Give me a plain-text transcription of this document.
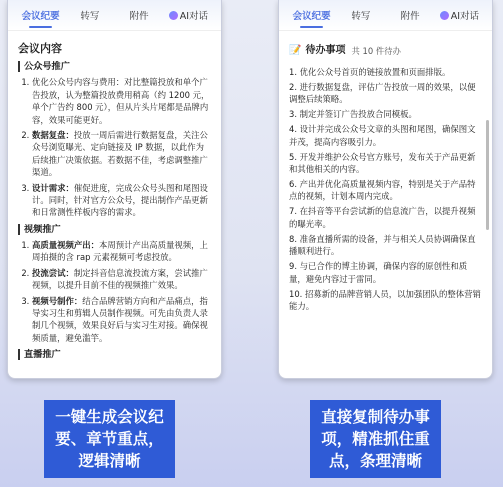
会议纪要	转写	附件	AI对话
会议内容
公众号推广
1. 优化公众号内容与费用：对比整篇投放和单个广告投放，认为整篇投放费用稍高（约 1200 元，单个广告约 800 元），但从片头片尾都是品牌内容，效果可能更好。
2. 数据复盘：投放一周后需进行数据复盘，关注公众号浏览曝光、定向链接及 IP 数据，以此作为后续推广决策依据。若数据不佳，考虑调整推广渠道。
3. 设计需求：催促进度，完成公众号头图和尾图设计。同时，针对官方公众号，提出制作产品更新和日常测性样板内容的需求。
视频推广
1. 高质量视频产出：本周预计产出高质量视频，上周拍摄的含 rap 元素视频可考虑投放。
2. 投流尝试：制定抖音信息流投流方案，尝试推广视频，以提升目前不佳的视频推广效果。
3. 视频号制作：结合品牌营销方向和产品痛点，指导实习生和剪辑人员制作视频。可先由负责人录制几个视频，效果良好后与实习生对接。确保视频质量，避免滥竽。
直播推广
会议纪要	转写	附件	AI对话
📝 待办事项 共 10 件待办
1. 优化公众号首页的链接放置和页面排版。
2. 进行数据复盘，评估广告投放一周的效果，以便调整后续策略。
3. 制定并签订广告投放合同模板。
4. 设计并完成公众号文章的头图和尾图，确保图文并茂，提高内容吸引力。
5. 开发并维护公众号官方账号，发布关于产品更新和其他相关的内容。
6. 产出并优化高质量视频内容，特别是关于产品特点的视频，计划本周内完成。
7. 在抖音等平台尝试新的信息流广告，以提升视频的曝光率。
8. 准备直播所需的设备，并与相关人员协调确保直播顺利进行。
9. 与已合作的博主协调，确保内容的原创性和质量，避免内容过于雷同。
10. 招募新的品牌营销人员，以加强团队的整体营销能力。
一键生成会议纪要、章节重点，逻辑清晰
直接复制待办事项，精准抓住重点，条理清晰
